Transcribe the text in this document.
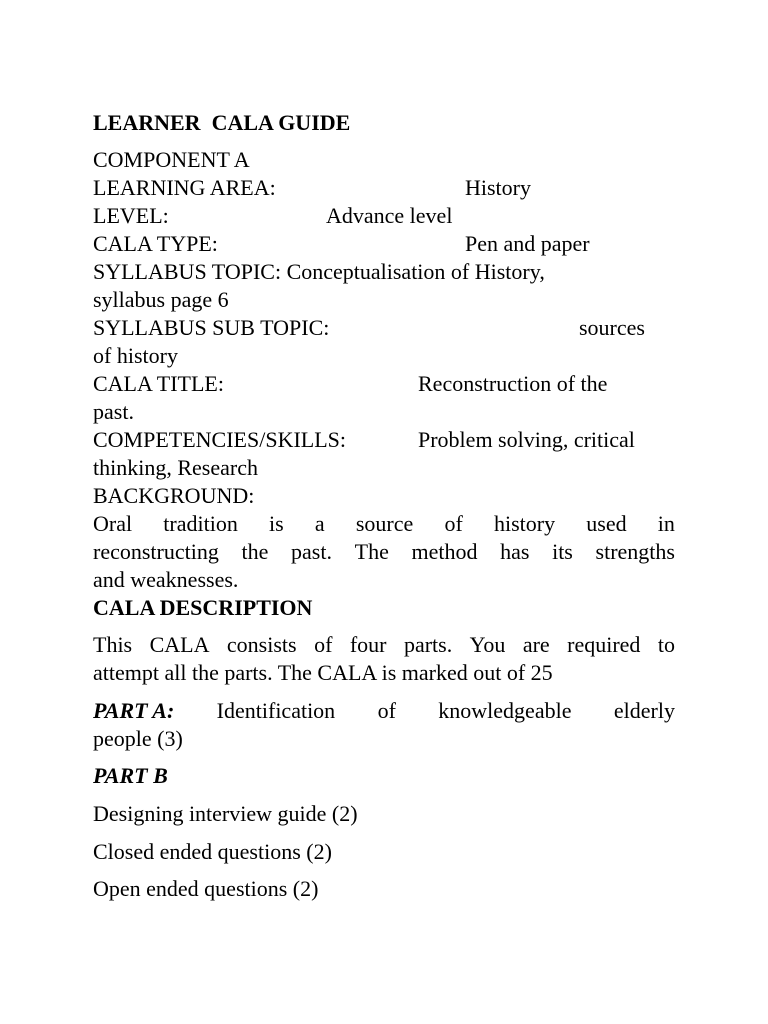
LEARNER  CALA GUIDE
COMPONENT A
LEARNING AREA:	History
LEVEL:	Advance level
CALA TYPE:	Pen and paper
SYLLABUS TOPIC: Conceptualisation of History,
syllabus page 6
SYLLABUS SUB TOPIC:	sources
of history
CALA TITLE:	Reconstruction of the
past.
COMPETENCIES/SKILLS:	Problem solving, critical
thinking, Research
BACKGROUND:
Oral tradition is a source of history used in
reconstructing the past. The method has its strengths
and weaknesses.
CALA DESCRIPTION
This CALA consists of four parts. You are required to
attempt all the parts. The CALA is marked out of 25
PART A: Identification of knowledgeable elderly
people (3)
PART B
Designing interview guide (2)
Closed ended questions (2)
Open ended questions (2)
